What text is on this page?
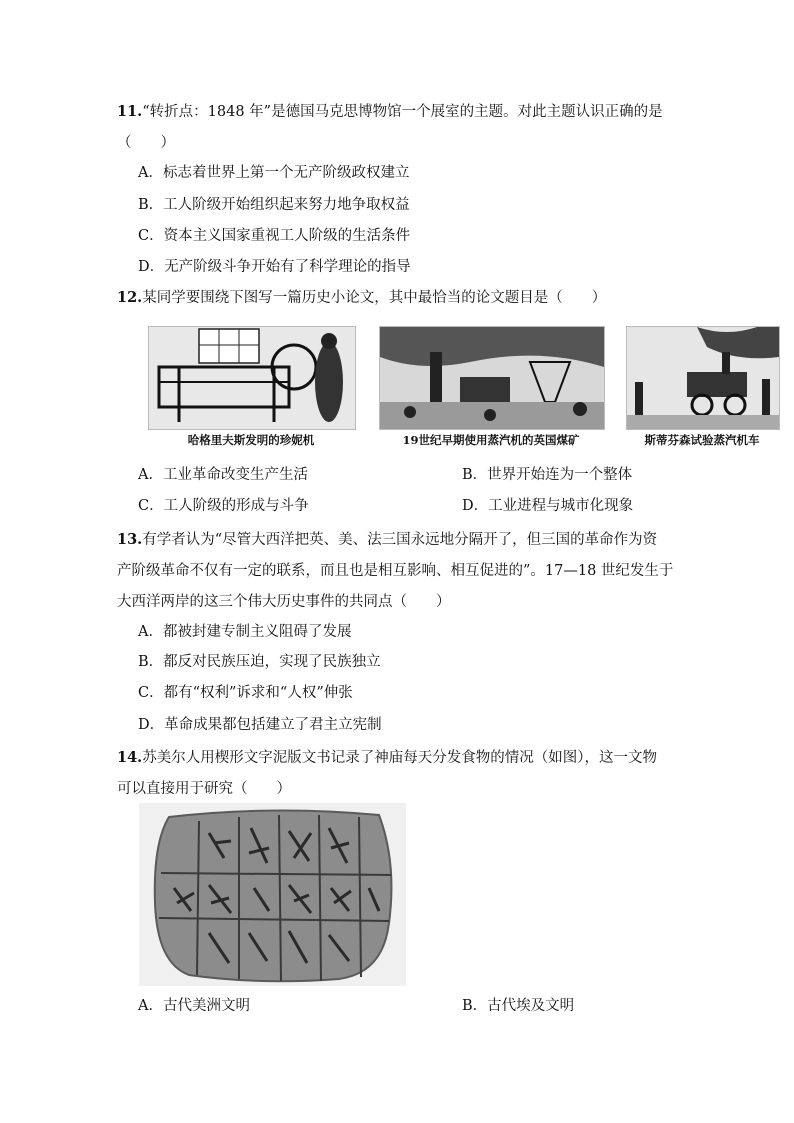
11.“转折点：1848 年”是德国马克思博物馆一个展室的主题。对此主题认识正确的是
（　　）
A．标志着世界上第一个无产阶级政权建立
B．工人阶级开始组织起来努力地争取权益
C．资本主义国家重视工人阶级的生活条件
D．无产阶级斗争开始有了科学理论的指导
12.某同学要围绕下图写一篇历史小论文，其中最恰当的论文题目是（　　）
哈格里夫斯发明的珍妮机	19世纪早期使用蒸汽机的英国煤矿	斯蒂芬森试验蒸汽机车
A．工业革命改变生产生活	B．世界开始连为一个整体
C．工人阶级的形成与斗争	D．工业进程与城市化现象
13.有学者认为“尽管大西洋把英、美、法三国永远地分隔开了，但三国的革命作为资
产阶级革命不仅有一定的联系，而且也是相互影响、相互促进的”。17—18 世纪发生于
大西洋两岸的这三个伟大历史事件的共同点（　　）
A．都被封建专制主义阻碍了发展
B．都反对民族压迫，实现了民族独立
C．都有“权利”诉求和“人权”伸张
D．革命成果都包括建立了君主立宪制
14.苏美尔人用楔形文字泥版文书记录了神庙每天分发食物的情况（如图），这一文物
可以直接用于研究（　　）
A．古代美洲文明	B．古代埃及文明
